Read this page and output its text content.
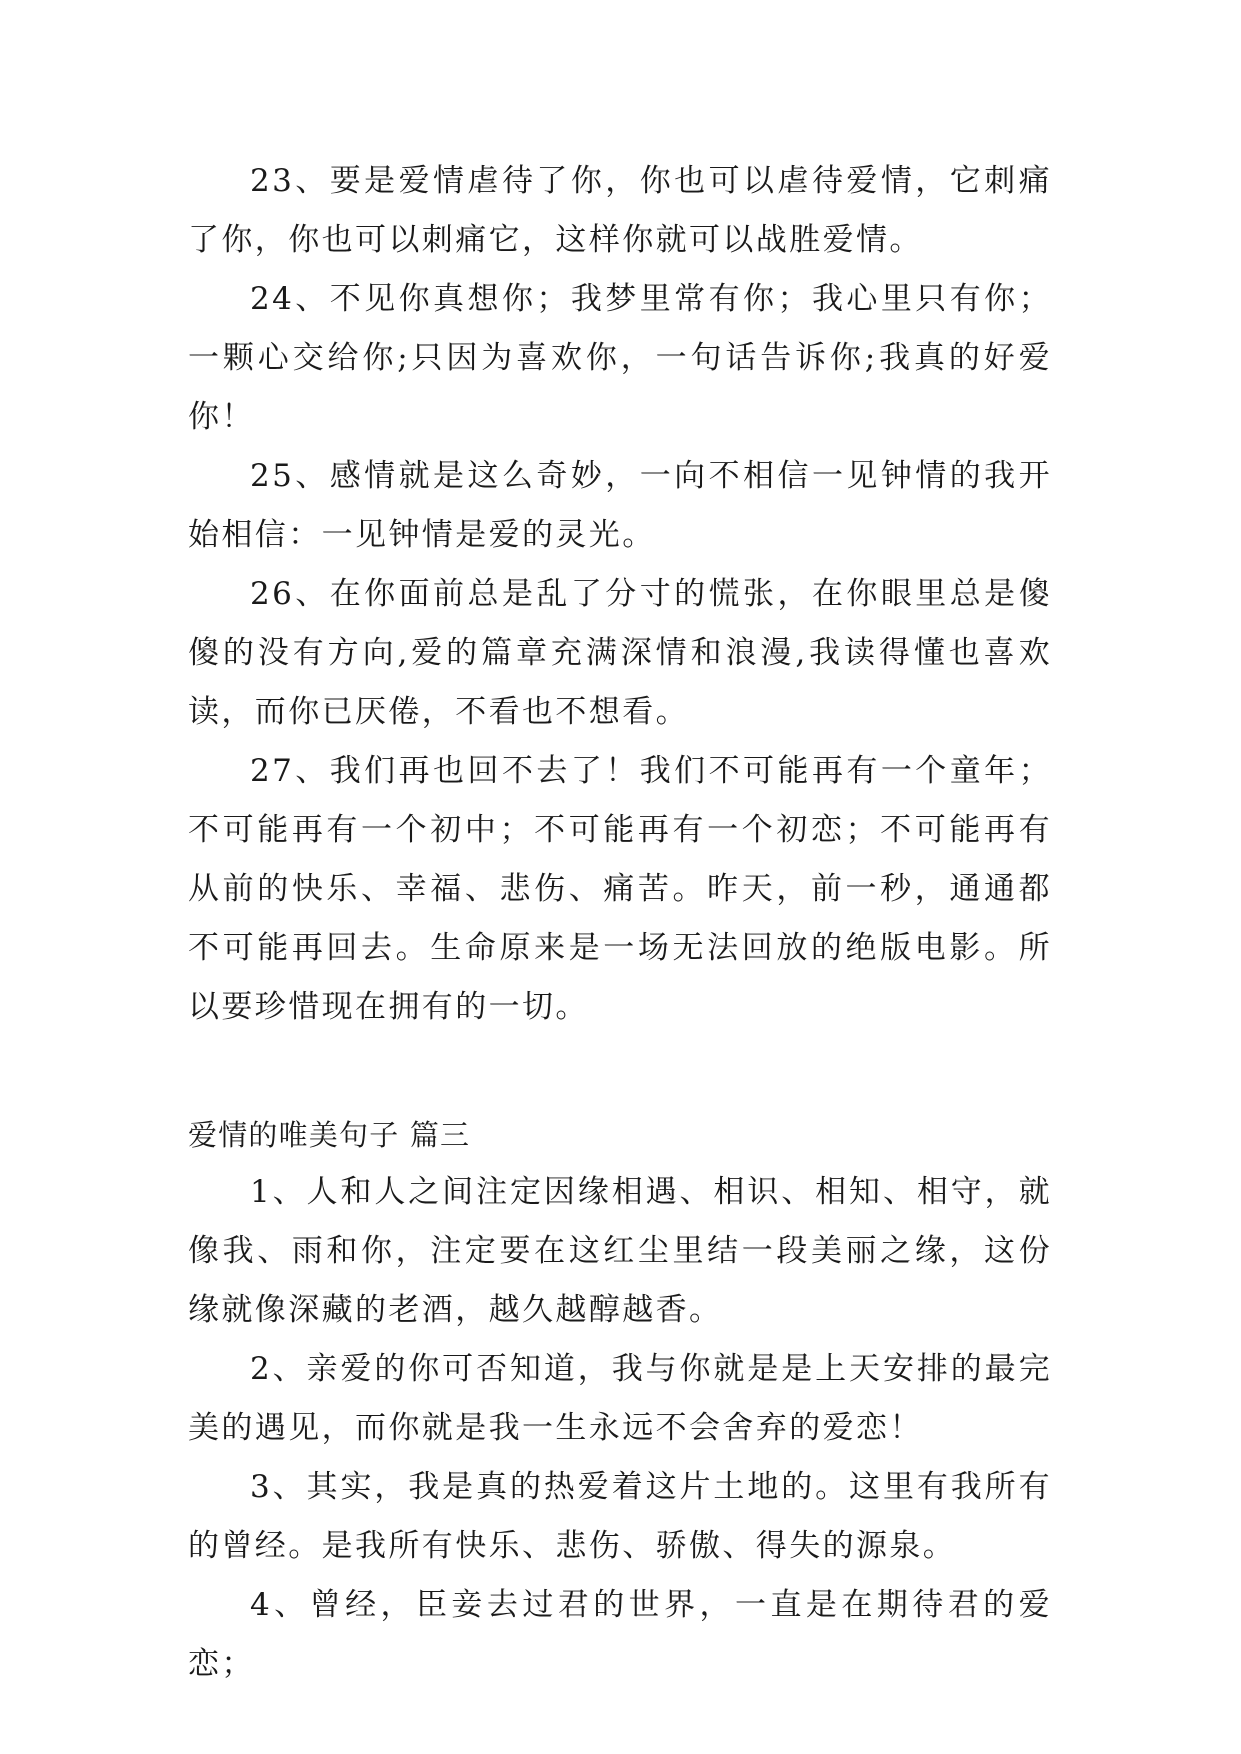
23、要是爱情虐待了你，你也可以虐待爱情，它刺痛了你，你也可以刺痛它，这样你就可以战胜爱情。

24、不见你真想你；我梦里常有你；我心里只有你；一颗心交给你;只因为喜欢你，一句话告诉你;我真的好爱你！

25、感情就是这么奇妙，一向不相信一见钟情的我开始相信：一见钟情是爱的灵光。

26、在你面前总是乱了分寸的慌张，在你眼里总是傻傻的没有方向,爱的篇章充满深情和浪漫,我读得懂也喜欢读，而你已厌倦，不看也不想看。

27、我们再也回不去了！我们不可能再有一个童年；不可能再有一个初中；不可能再有一个初恋；不可能再有从前的快乐、幸福、悲伤、痛苦。昨天，前一秒，通通都不可能再回去。生命原来是一场无法回放的绝版电影。所以要珍惜现在拥有的一切。

爱情的唯美句子 篇三

1、人和人之间注定因缘相遇、相识、相知、相守，就像我、雨和你，注定要在这红尘里结一段美丽之缘，这份缘就像深藏的老酒，越久越醇越香。

2、亲爱的你可否知道，我与你就是是上天安排的最完美的遇见，而你就是我一生永远不会舍弃的爱恋！

3、其实，我是真的热爱着这片土地的。这里有我所有的曾经。是我所有快乐、悲伤、骄傲、得失的源泉。

4、曾经，臣妾去过君的世界，一直是在期待君的爱恋；
